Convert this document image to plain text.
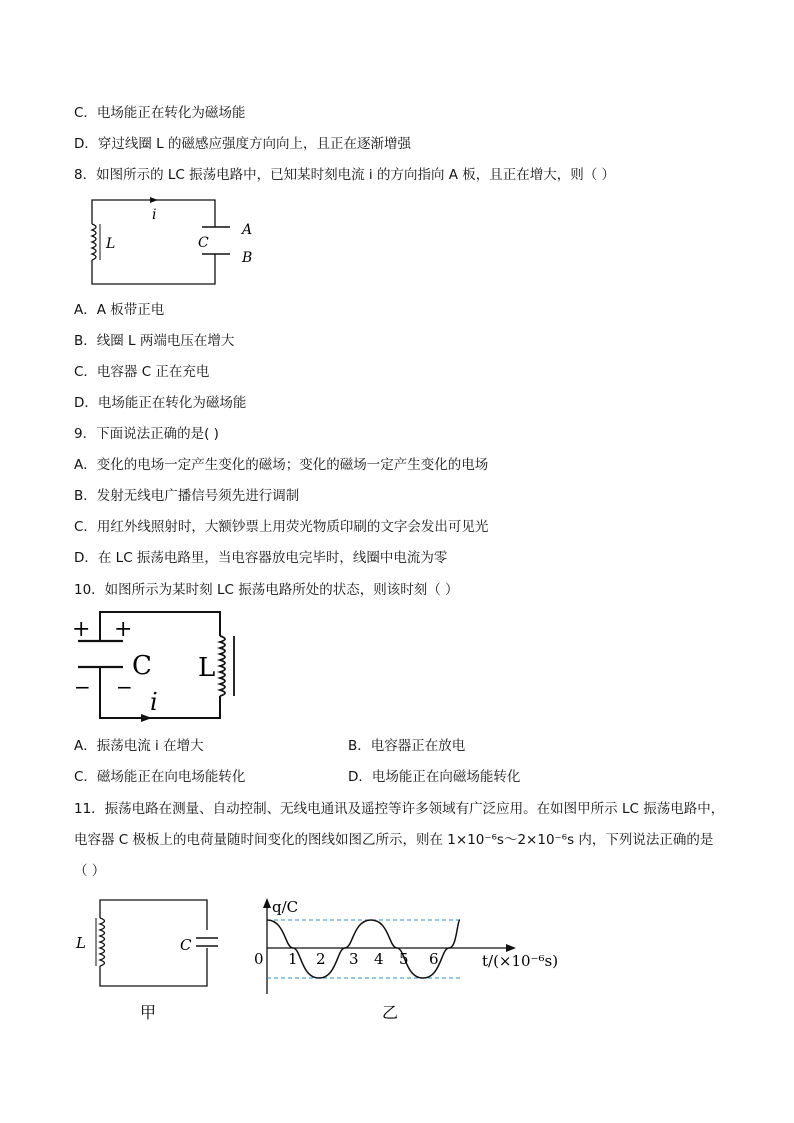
C．电场能正在转化为磁场能
D．穿过线圈 L 的磁感应强度方向向上，且正在逐渐增强
8．如图所示的 LC 振荡电路中，已知某时刻电流 i 的方向指向 A 板，且正在增大，则（ ）
i
L	C
A
B
A．A 板带正电
B．线圈 L 两端电压在增大
C．电容器 C 正在充电
D．电场能正在转化为磁场能
9．下面说法正确的是( )
A．变化的电场一定产生变化的磁场；变化的磁场一定产生变化的电场
B．发射无线电广播信号须先进行调制
C．用红外线照射时，大额钞票上用荧光物质印刷的文字会发出可见光
D．在 LC 振荡电路里，当电容器放电完毕时，线圈中电流为零
10．如图所示为某时刻 LC 振荡电路所处的状态，则该时刻（ ）
+ +
− −
C L
i
A．振荡电流 i 在增大	B．电容器正在放电
C．磁场能正在向电场能转化	D．电场能正在向磁场能转化
11．振荡电路在测量、自动控制、无线电通讯及遥控等许多领域有广泛应用。在如图甲所示 LC 振荡电路中，
电容器 C 极板上的电荷量随时间变化的图线如图乙所示，则在 1×10⁻⁶s～2×10⁻⁶s 内，下列说法正确的是
（ ）
L	C
甲
q/C
0 1 2 3 4 5 6	t/(×10⁻⁶s)
乙
